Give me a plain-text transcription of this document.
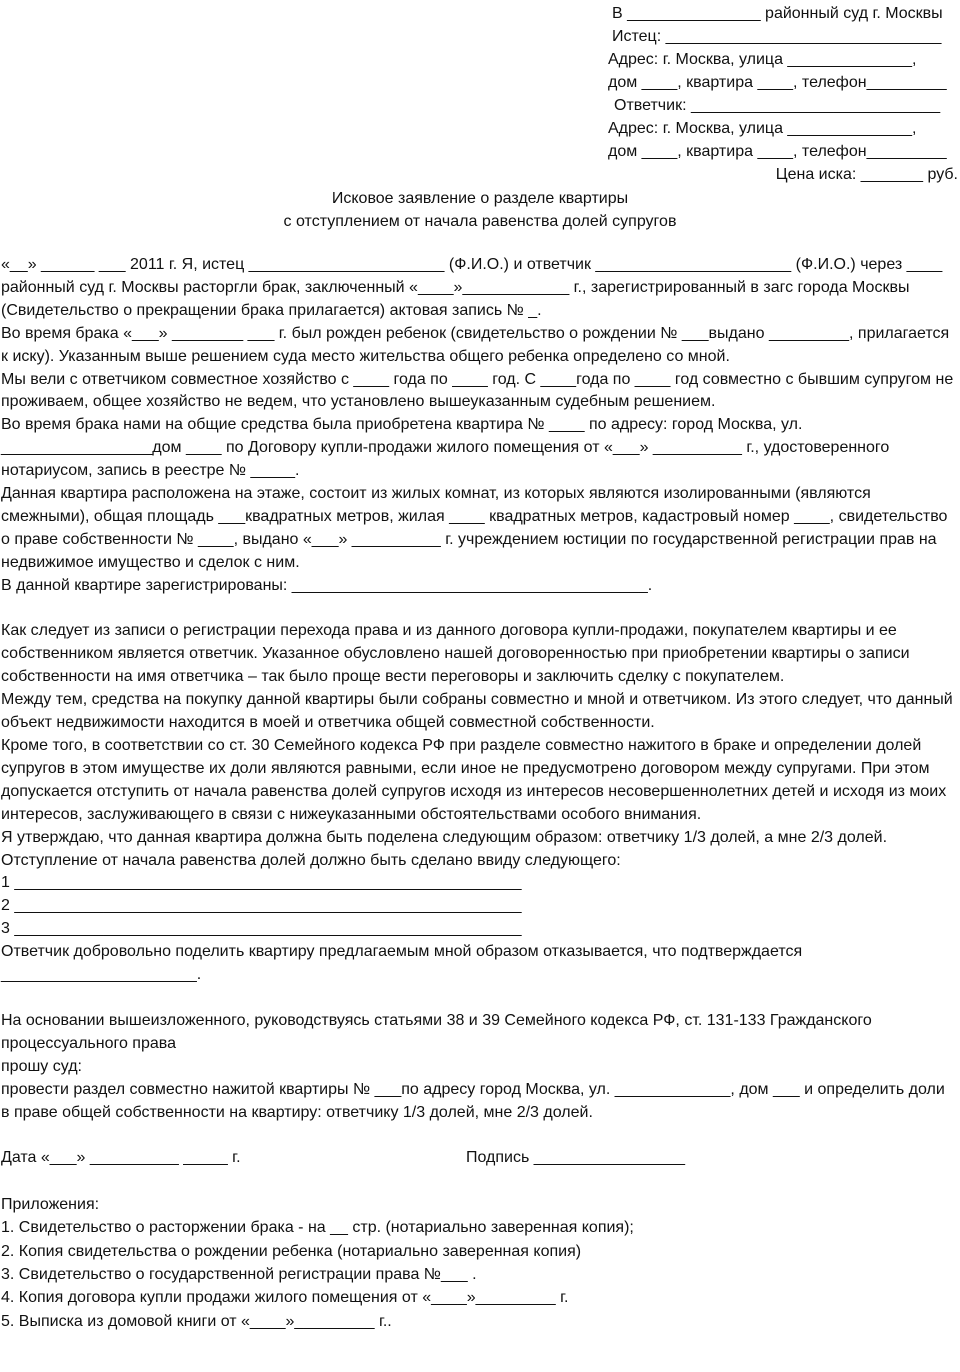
В _______________ районный суд г. Москвы
Истец: _______________________________
Адрес: г. Москва, улица ______________,
дом ____, квартира ____, телефон_________
Ответчик: ____________________________
Адрес: г. Москва, улица ______________,
дом ____, квартира ____, телефон_________
Цена иска: _______ руб.
Исковое заявление о разделе квартиры
с отступлением от начала равенства долей супругов

«__» ______ ___ 2011 г. Я, истец ______________________ (Ф.И.О.) и ответчик ______________________ (Ф.И.О.) через ____ районный суд г. Москвы расторгли брак, заключенный «____»____________ г., зарегистрированный в загс города Москвы (Свидетельство о прекращении брака прилагается) актовая запись № _.

Во время брака «___» ________ ___ г. был рожден ребенок (свидетельство о рождении № ___выдано _________, прилагается к иску). Указанным выше решением суда место жительства общего ребенка определено со мной.

Мы вели с ответчиком совместное хозяйство с ____ года по ____ год. С ____года по ____ год совместно с бывшим супругом не проживаем, общее хозяйство не ведем, что установлено вышеуказанным судебным решением.

Во время брака нами на общие средства была приобретена квартира № ____ по адресу: город Москва, ул. _________________дом ____ по Договору купли-продажи жилого помещения от «___» __________ г., удостоверенного нотариусом, запись в реестре № _____.

Данная квартира расположена на этаже, состоит из жилых комнат, из которых являются изолированными (являются смежными), общая площадь ___квадратных метров, жилая ____ квадратных метров, кадастровый номер ____, свидетельство о праве собственности № ____, выдано «___» __________ г. учреждением юстиции по государственной регистрации прав на недвижимое имущество и сделок с ним.

В данной квартире зарегистрированы: ________________________________________.

Как следует из записи о регистрации перехода права и из данного договора купли-продажи, покупателем квартиры и ее собственником является ответчик. Указанное обусловлено нашей договоренностью при приобретении квартиры о записи собственности на имя ответчика – так было проще вести переговоры и заключить сделку с покупателем.

Между тем, средства на покупку данной квартиры были собраны совместно и мной и ответчиком. Из этого следует, что данный объект недвижимости находится в моей и ответчика общей совместной собственности.

Кроме того, в соответствии со ст. 30 Семейного кодекса РФ при разделе совместно нажитого в браке и определении долей супругов в этом имуществе их доли являются равными, если иное не предусмотрено договором между супругами. При этом допускается отступить от начала равенства долей супругов исходя из интересов несовершеннолетних детей и исходя из моих интересов, заслуживающего в связи с нижеуказанными обстоятельствами особого внимания.

Я утверждаю, что данная квартира должна быть поделена следующим образом: ответчику 1/3 долей, а мне 2/3 долей. Отступление от начала равенства долей должно быть сделано ввиду следующего:

1 _________________________________________________________

2 _________________________________________________________

3 _________________________________________________________

Ответчик добровольно поделить квартиру предлагаемым мной образом отказывается, что подтверждается ______________________.

На основании вышеизложенного, руководствуясь статьями 38 и 39 Семейного кодекса РФ, ст. 131-133 Гражданского процессуального права

прошу суд:

провести раздел совместно нажитой квартиры № ___по адресу город Москва, ул. _____________, дом ___ и определить доли в праве общей собственности на квартиру: ответчику 1/3 долей, мне 2/3 долей.

Дата «___» __________ _____ г.	Подпись _________________

Приложения:

1. Свидетельство о расторжении брака - на __ стр. (нотариально заверенная копия);

2. Копия свидетельства о рождении ребенка (нотариально заверенная копия)

3. Свидетельство о государственной регистрации права №___ .

4. Копия договора купли продажи жилого помещения от «____»_________ г.

5. Выписка из домовой книги от «____»_________ г..
